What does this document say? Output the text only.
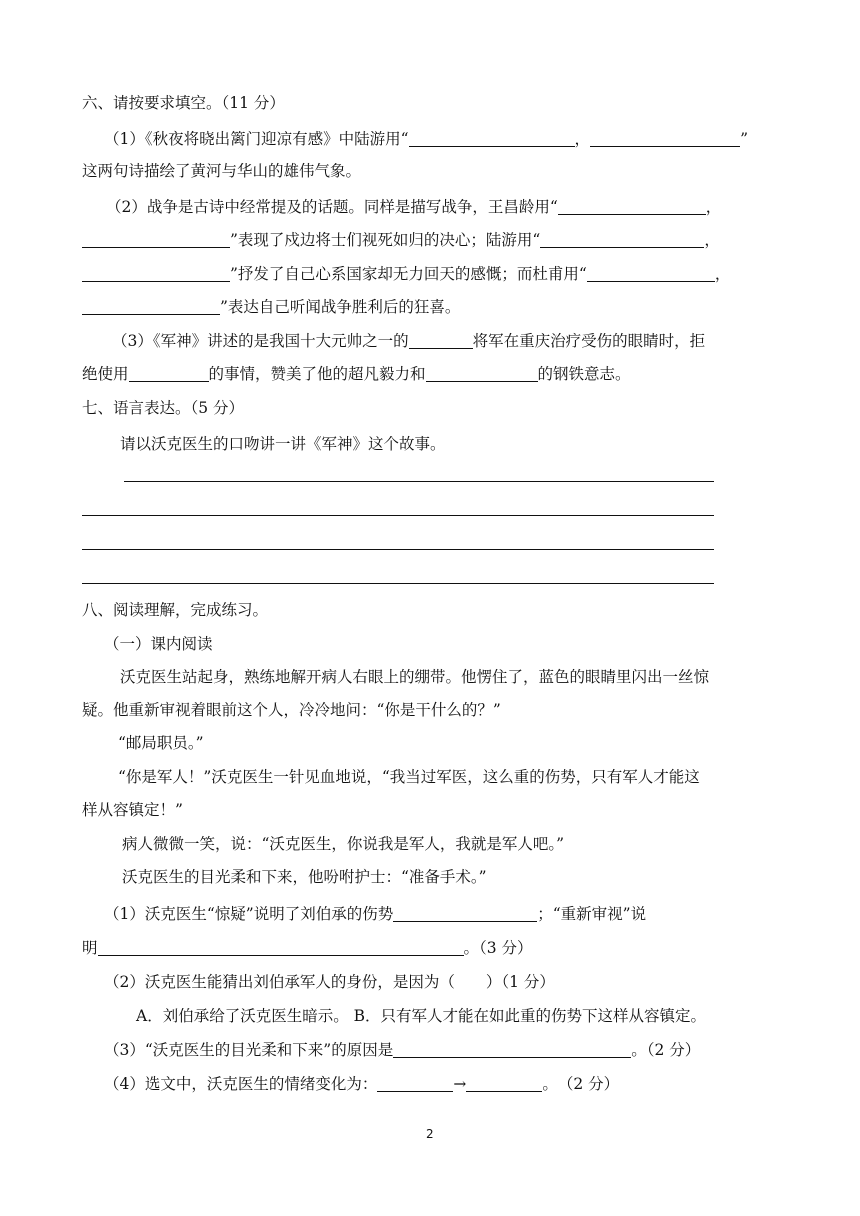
六、请按要求填空。（11 分）
（1）《秋夜将晓出篱门迎凉有感》中陆游用“	，	”
这两句诗描绘了黄河与华山的雄伟气象。
（2）战争是古诗中经常提及的话题。同样是描写战争，王昌龄用“	，
”表现了戍边将士们视死如归的决心；陆游用“	，
”抒发了自己心系国家却无力回天的感慨；而杜甫用“	，
”表达自己听闻战争胜利后的狂喜。
（3）《军神》讲述的是我国十大元帅之一的	将军在重庆治疗受伤的眼睛时，拒
绝使用	的事情，赞美了他的超凡毅力和	的钢铁意志。
七、语言表达。（5 分）
请以沃克医生的口吻讲一讲《军神》这个故事。
八、阅读理解，完成练习。
（一）课内阅读
沃克医生站起身，熟练地解开病人右眼上的绷带。他愣住了，蓝色的眼睛里闪出一丝惊
疑。他重新审视着眼前这个人，冷冷地问：“你是干什么的？”
“邮局职员。”
“你是军人！”沃克医生一针见血地说，“我当过军医，这么重的伤势，只有军人才能这
样从容镇定！”
病人微微一笑，说：“沃克医生，你说我是军人，我就是军人吧。”
沃克医生的目光柔和下来，他吩咐护士：“准备手术。”
（1）沃克医生“惊疑”说明了刘伯承的伤势	；“重新审视”说
明	。（3 分）
（2）沃克医生能猜出刘伯承军人的身份，是因为（　　）（1 分）
A．刘伯承给了沃克医生暗示。 B．只有军人才能在如此重的伤势下这样从容镇定。
（3）“沃克医生的目光柔和下来”的原因是	。（2 分）
（4）选文中，沃克医生的情绪变化为：	→	。　（2 分）
2
